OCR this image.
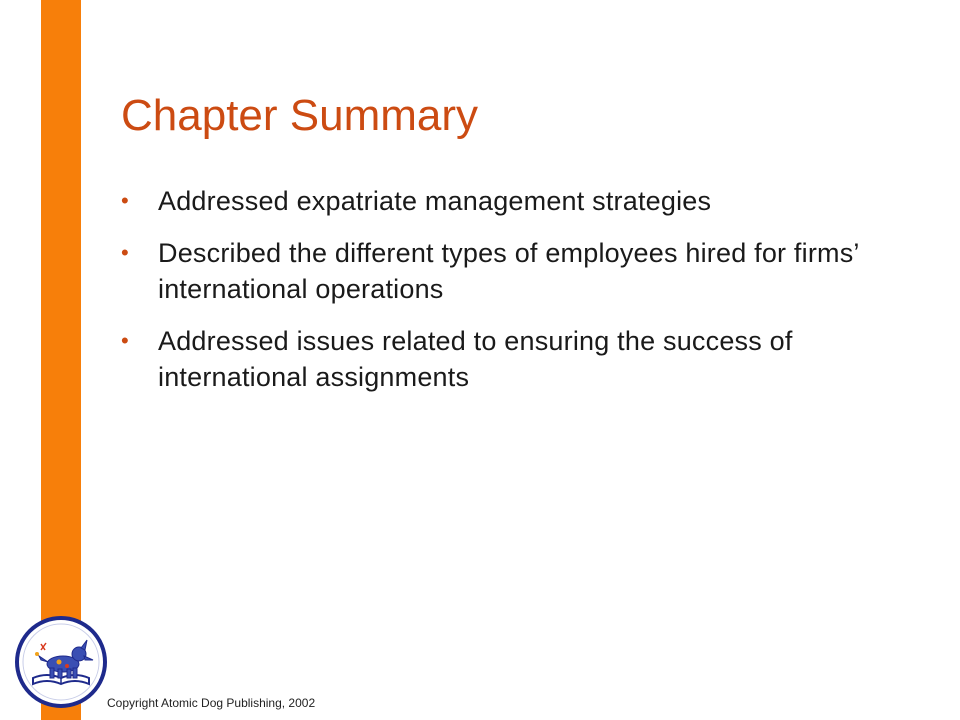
Chapter Summary
• Addressed expatriate management strategies
• Described the different types of employees hired for firms’ international operations
• Addressed issues related to ensuring the success of international assignments
Copyright Atomic Dog Publishing, 2002
